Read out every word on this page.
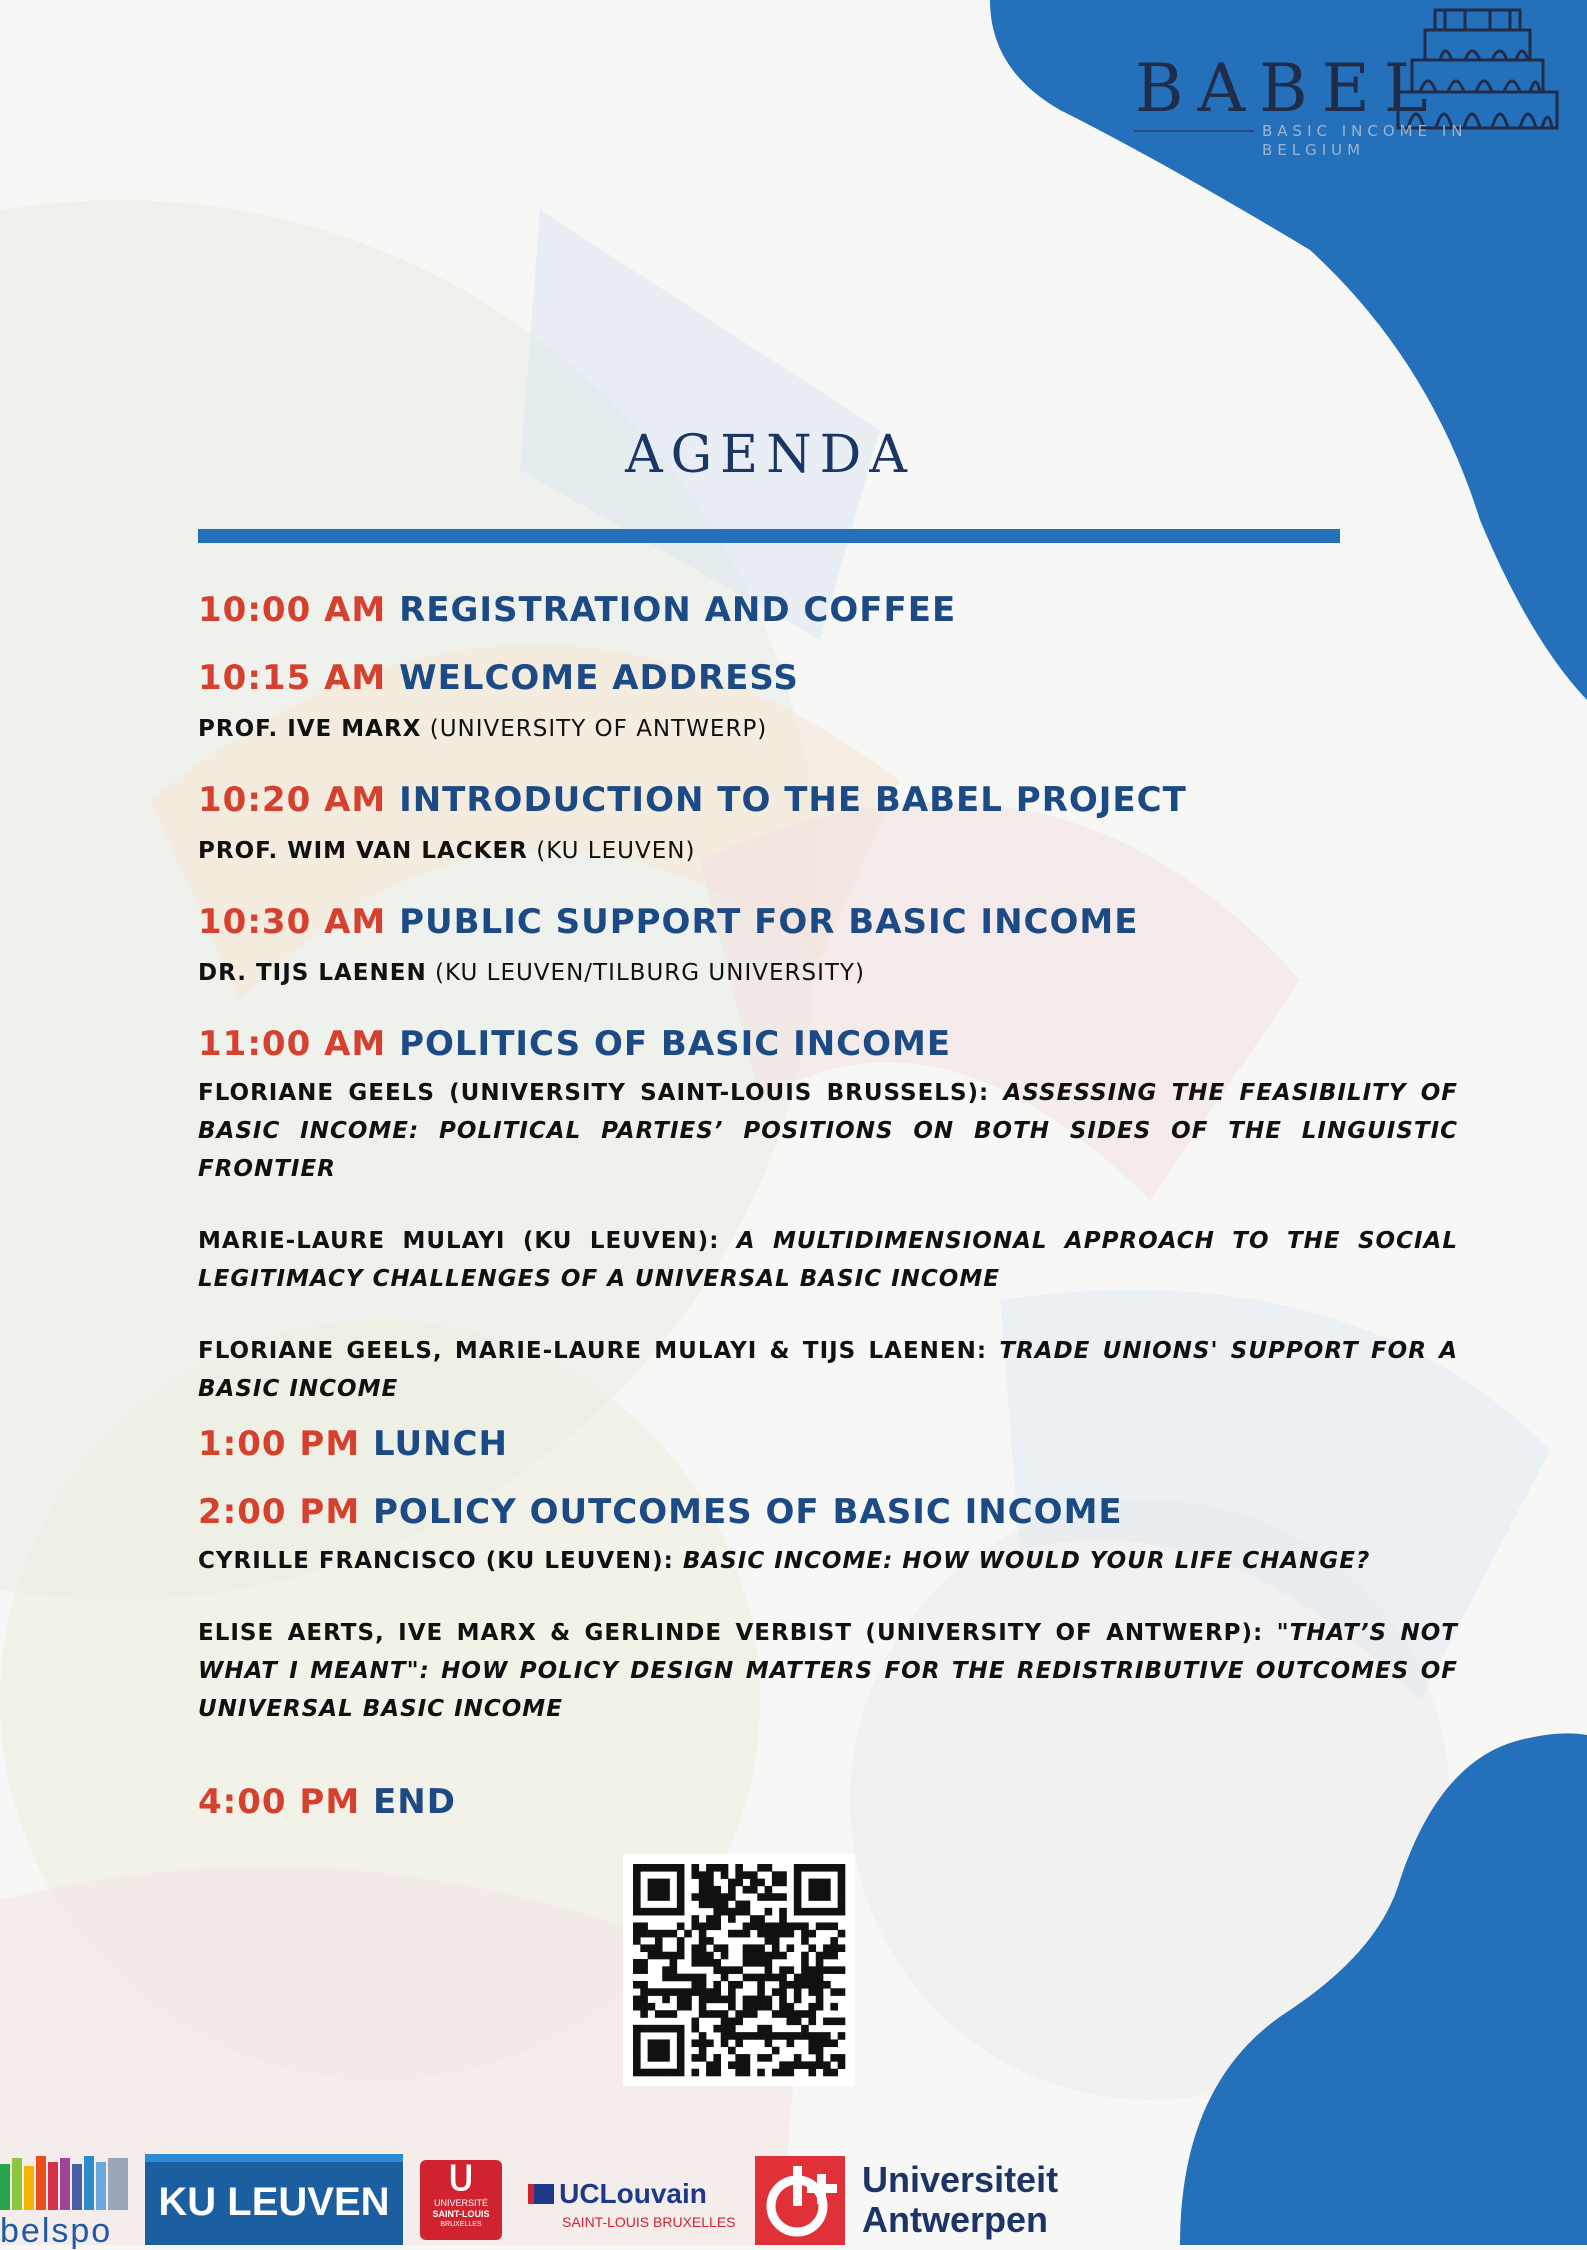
BABEL
BASIC INCOME IN BELGIUM
AGENDA
10:00 AM REGISTRATION AND COFFEE
10:15 AM WELCOME ADDRESS
PROF. IVE MARX (UNIVERSITY OF ANTWERP)
10:20 AM INTRODUCTION TO THE BABEL PROJECT
PROF. WIM VAN LACKER (KU LEUVEN)
10:30 AM PUBLIC SUPPORT FOR BASIC INCOME
DR. TIJS LAENEN (KU LEUVEN/TILBURG UNIVERSITY)
11:00 AM POLITICS OF BASIC INCOME
FLORIANE GEELS (UNIVERSITY SAINT-LOUIS BRUSSELS): ASSESSING THE FEASIBILITY OF BASIC INCOME: POLITICAL PARTIES’ POSITIONS ON BOTH SIDES OF THE LINGUISTIC FRONTIER
MARIE-LAURE MULAYI (KU LEUVEN): A MULTIDIMENSIONAL APPROACH TO THE SOCIAL LEGITIMACY CHALLENGES OF A UNIVERSAL BASIC INCOME
FLORIANE GEELS, MARIE-LAURE MULAYI & TIJS LAENEN: TRADE UNIONS' SUPPORT FOR A BASIC INCOME
1:00 PM LUNCH
2:00 PM POLICY OUTCOMES OF BASIC INCOME
CYRILLE FRANCISCO (KU LEUVEN): BASIC INCOME: HOW WOULD YOUR LIFE CHANGE?
ELISE AERTS, IVE MARX & GERLINDE VERBIST (UNIVERSITY OF ANTWERP): "THAT’S NOT WHAT I MEANT": HOW POLICY DESIGN MATTERS FOR THE REDISTRIBUTIVE OUTCOMES OF UNIVERSAL BASIC INCOME
4:00 PM END
belspo
KU LEUVEN
ᑌ
UNIVERSITÉ
SAINT-LOUIS
BRUXELLES
UCLouvain
SAINT-LOUIS BRUXELLES
Universiteit
Antwerpen
